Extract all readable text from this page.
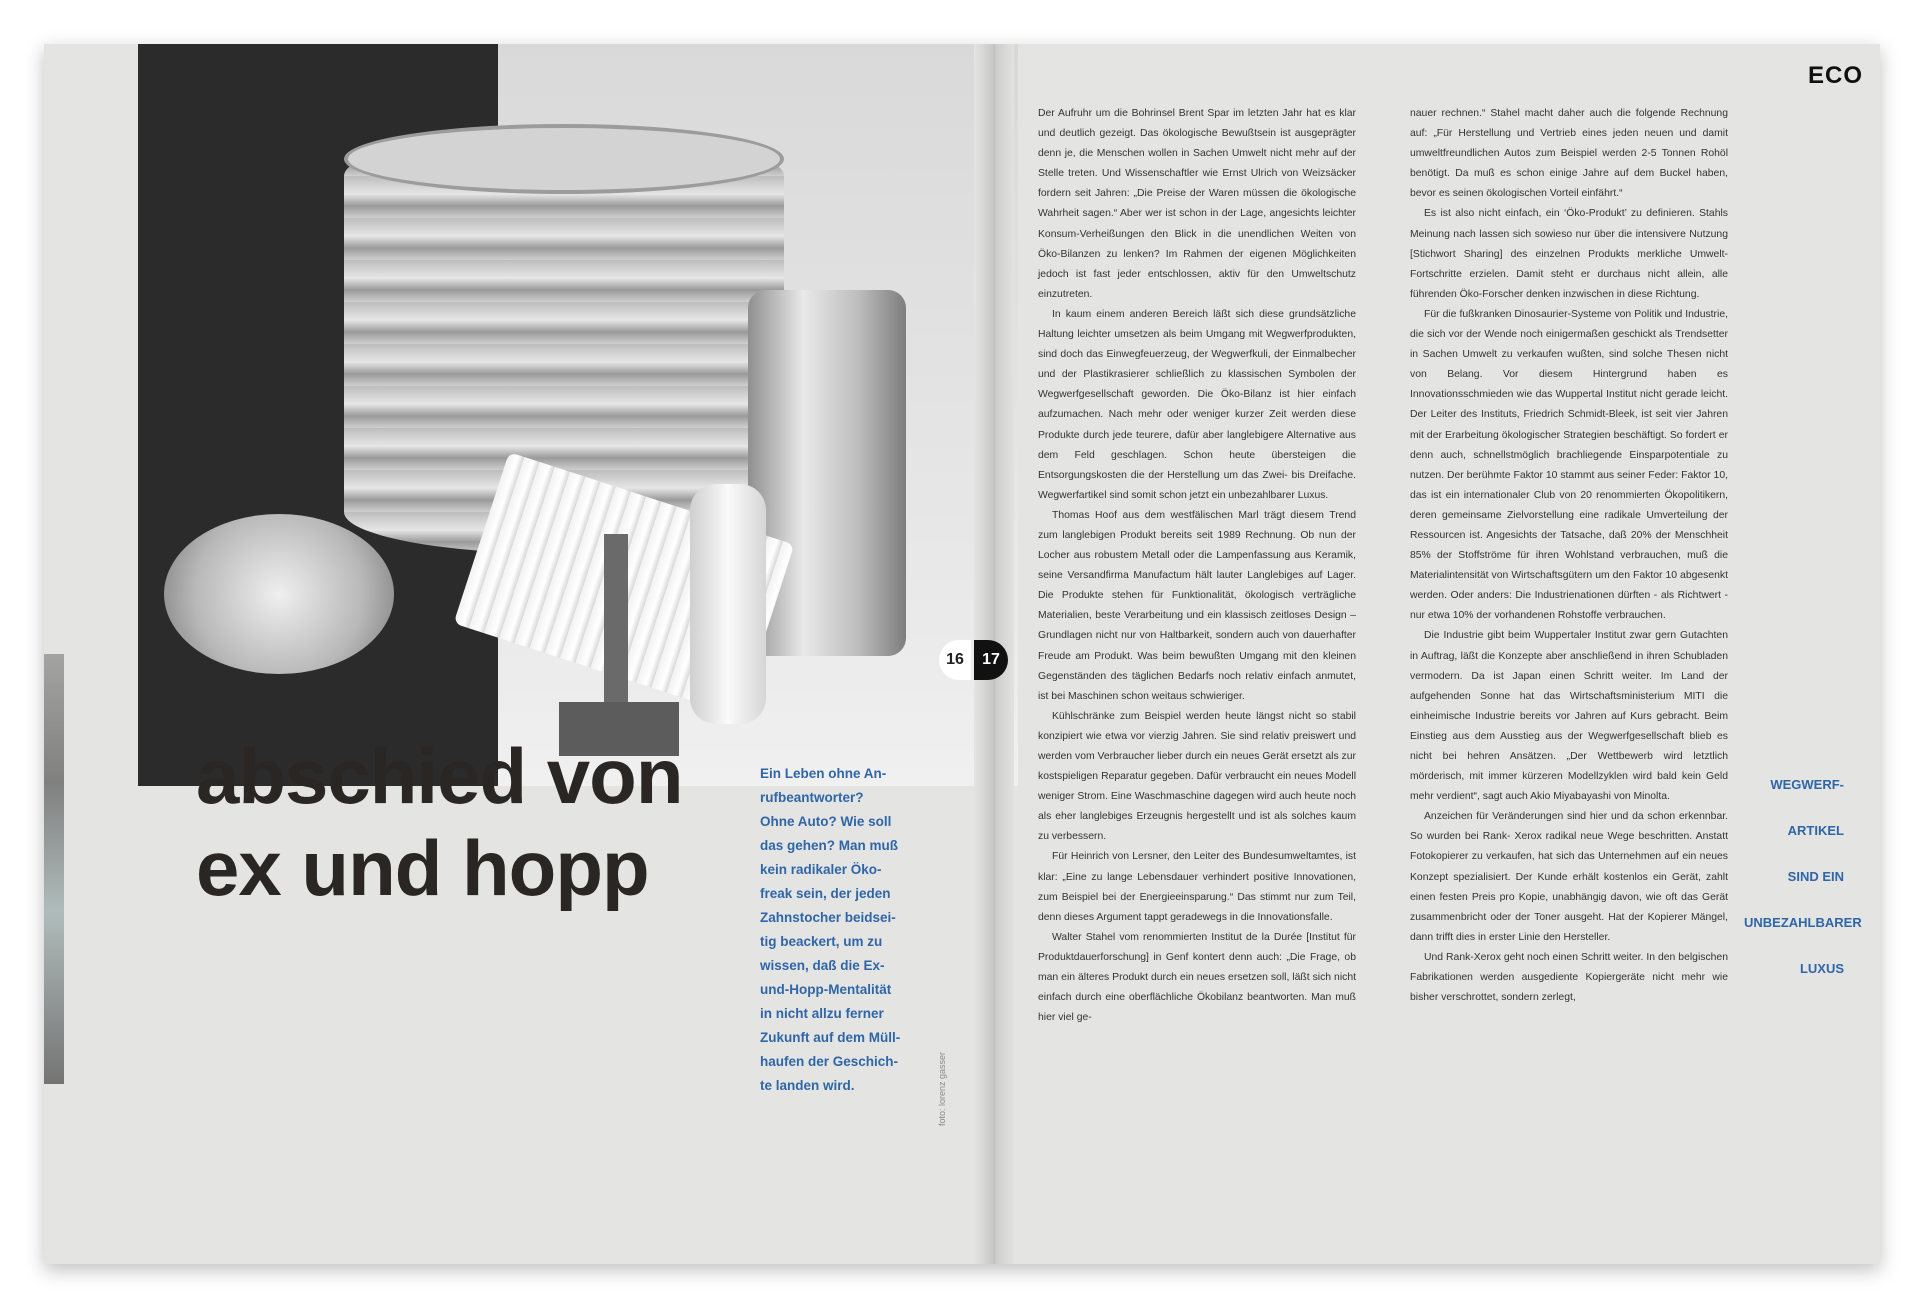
16	17
abschied von
ex und hopp
Ein Leben ohne An-
rufbeantworter?
Ohne Auto? Wie soll
das gehen? Man muß
kein radikaler Öko-
freak sein, der jeden
Zahnstocher beidsei-
tig beackert, um zu
wissen, daß die Ex-
und-Hopp-Mentalität
in nicht allzu ferner
Zukunft auf dem Müll-
haufen der Geschich-
te landen wird.	foto: lorenz gasser

Der Aufruhr um die Bohrinsel Brent Spar im letzten Jahr hat es klar und deutlich gezeigt. Das ökologische Bewußtsein ist ausgeprägter denn je, die Menschen wollen in Sachen Umwelt nicht mehr auf der Stelle treten. Und Wissenschaftler wie Ernst Ulrich von Weizsäcker fordern seit Jahren: „Die Preise der Waren müssen die ökologische Wahrheit sagen.“ Aber wer ist schon in der Lage, angesichts leichter Konsum-Verheißungen den Blick in die unendlichen Weiten von Öko-Bilanzen zu lenken? Im Rahmen der eigenen Möglichkeiten jedoch ist fast jeder entschlossen, aktiv für den Umweltschutz einzutreten.

In kaum einem anderen Bereich läßt sich diese grundsätzliche Haltung leichter umsetzen als beim Umgang mit Wegwerfprodukten, sind doch das Einwegfeuerzeug, der Wegwerfkuli, der Einmalbecher und der Plastikrasierer schließlich zu klassischen Symbolen der Wegwerfgesellschaft geworden. Die Öko-Bilanz ist hier einfach aufzumachen. Nach mehr oder weniger kurzer Zeit werden diese Produkte durch jede teurere, dafür aber langlebigere Alternative aus dem Feld geschlagen. Schon heute übersteigen die Entsorgungskosten die der Herstellung um das Zwei- bis Dreifache. Wegwerfartikel sind somit schon jetzt ein unbezahlbarer Luxus.

Thomas Hoof aus dem westfälischen Marl trägt diesem Trend zum langlebigen Produkt bereits seit 1989 Rechnung. Ob nun der Locher aus robustem Metall oder die Lampenfassung aus Keramik, seine Versandfirma Manufactum hält lauter Langlebiges auf Lager. Die Produkte stehen für Funktionalität, ökologisch verträgliche Materialien, beste Verarbeitung und ein klassisch zeitloses Design – Grundlagen nicht nur von Haltbarkeit, sondern auch von dauerhafter Freude am Produkt. Was beim bewußten Umgang mit den kleinen Gegenständen des täglichen Bedarfs noch relativ einfach anmutet, ist bei Maschinen schon weitaus schwieriger.

Kühlschränke zum Beispiel werden heute längst nicht so stabil konzipiert wie etwa vor vierzig Jahren. Sie sind relativ preiswert und werden vom Verbraucher lieber durch ein neues Gerät ersetzt als zur kostspieligen Reparatur gegeben. Dafür verbraucht ein neues Modell weniger Strom. Eine Waschmaschine dagegen wird auch heute noch als eher langlebiges Erzeugnis hergestellt und ist als solches kaum zu verbessern.

Für Heinrich von Lersner, den Leiter des Bundesumweltamtes, ist klar: „Eine zu lange Lebensdauer verhindert positive Innovationen, zum Beispiel bei der Energieeinsparung.“ Das stimmt nur zum Teil, denn dieses Argument tappt geradewegs in die Innovationsfalle.

Walter Stahel vom renommierten Institut de la Durée [Institut für Produktdauerforschung] in Genf kontert denn auch: „Die Frage, ob man ein älteres Produkt durch ein neues ersetzen soll, läßt sich nicht einfach durch eine oberflächliche Ökobilanz beantworten. Man muß hier viel ge-

nauer rechnen.“ Stahel macht daher auch die folgende Rechnung auf: „Für Herstellung und Vertrieb eines jeden neuen und damit umweltfreundlichen Autos zum Beispiel werden 2-5 Tonnen Rohöl benötigt. Da muß es schon einige Jahre auf dem Buckel haben, bevor es seinen ökologischen Vorteil einfährt.“

Es ist also nicht einfach, ein ‘Öko-Produkt’ zu definieren. Stahls Meinung nach lassen sich sowieso nur über die intensivere Nutzung [Stichwort Sharing] des einzelnen Produkts merkliche Umwelt-Fortschritte erzielen. Damit steht er durchaus nicht allein, alle führenden Öko-Forscher denken inzwischen in diese Richtung.

Für die fußkranken Dinosaurier-Systeme von Politik und Industrie, die sich vor der Wende noch einigermaßen geschickt als Trendsetter in Sachen Umwelt zu verkaufen wußten, sind solche Thesen nicht von Belang. Vor diesem Hintergrund haben es Innovationsschmieden wie das Wuppertal Institut nicht gerade leicht. Der Leiter des Instituts, Friedrich Schmidt-Bleek, ist seit vier Jahren mit der Erarbeitung ökologischer Strategien beschäftigt. So fordert er denn auch, schnellstmöglich brachliegende Einsparpotentiale zu nutzen. Der berühmte Faktor 10 stammt aus seiner Feder: Faktor 10, das ist ein internationaler Club von 20 renommierten Ökopolitikern, deren gemeinsame Zielvorstellung eine radikale Umverteilung der Ressourcen ist. Angesichts der Tatsache, daß 20% der Menschheit 85% der Stoffströme für ihren Wohlstand verbrauchen, muß die Materialintensität von Wirtschaftsgütern um den Faktor 10 abgesenkt werden. Oder anders: Die Industrienationen dürften - als Richtwert - nur etwa 10% der vorhandenen Rohstoffe verbrauchen.

Die Industrie gibt beim Wuppertaler Institut zwar gern Gutachten in Auftrag, läßt die Konzepte aber anschließend in ihren Schubladen vermodern. Da ist Japan einen Schritt weiter. Im Land der aufgehenden Sonne hat das Wirtschaftsministerium MITI die einheimische Industrie bereits vor Jahren auf Kurs gebracht. Beim Einstieg aus dem Ausstieg aus der Wegwerfgesellschaft blieb es nicht bei hehren Ansätzen. „Der Wettbewerb wird letztlich mörderisch, mit immer kürzeren Modellzyklen wird bald kein Geld mehr verdient“, sagt auch Akio Miyabayashi von Minolta.

Anzeichen für Veränderungen sind hier und da schon erkennbar. So wurden bei Rank- Xerox radikal neue Wege beschritten. Anstatt Fotokopierer zu verkaufen, hat sich das Unternehmen auf ein neues Konzept spezialisiert. Der Kunde erhält kostenlos ein Gerät, zahlt einen festen Preis pro Kopie, unabhängig davon, wie oft das Gerät zusammenbricht oder der Toner ausgeht. Hat der Kopierer Mängel, dann trifft dies in erster Linie den Hersteller.

Und Rank-Xerox geht noch einen Schritt weiter. In den belgischen Fabrikationen werden ausgediente Kopiergeräte nicht mehr wie bisher verschrottet, sondern zerlegt,

ECO
WEGWERF-
ARTIKEL
SIND EIN
UNBEZAHLBARER
LUXUS
